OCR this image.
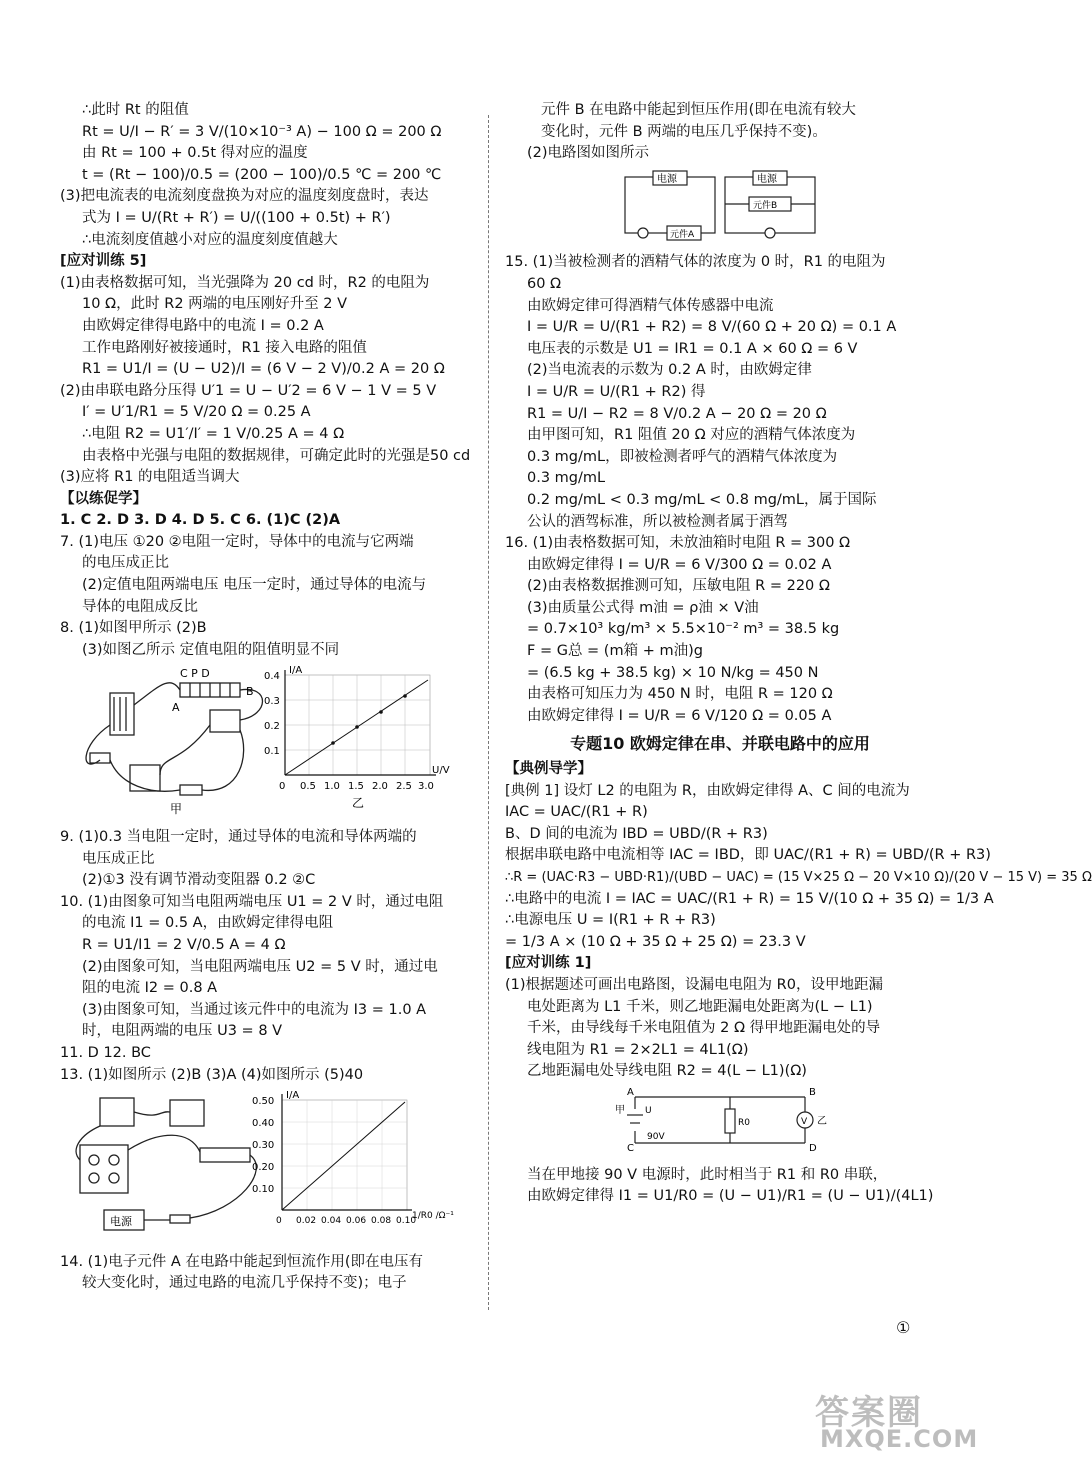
∴此时 Rt 的阻值
Rt = U/I − R′ = 3 V/(10×10⁻³ A) − 100 Ω = 200 Ω
由 Rt = 100 + 0.5t 得对应的温度
t = (Rt − 100)/0.5 = (200 − 100)/0.5 ℃ = 200 ℃
(3)把电流表的电流刻度盘换为对应的温度刻度盘时，表达
式为 I = U/(Rt + R′) = U/((100 + 0.5t) + R′)
∴电流刻度值越小对应的温度刻度值越大
[应对训练 5]
(1)由表格数据可知，当光强降为 20 cd 时，R2 的电阻为
10 Ω，此时 R2 两端的电压刚好升至 2 V
由欧姆定律得电路中的电流 I = 0.2 A
工作电路刚好被接通时，R1 接入电路的阻值
R1 = U1/I = (U − U2)/I = (6 V − 2 V)/0.2 A = 20 Ω
(2)由串联电路分压得 U′1 = U − U′2 = 6 V − 1 V = 5 V
I′ = U′1/R1 = 5 V/20 Ω = 0.25 A
∴电阻 R2 = U1′/I′ = 1 V/0.25 A = 4 Ω
由表格中光强与电阻的数据规律，可确定此时的光强是50 cd
(3)应将 R1 的电阻适当调大
【以练促学】
1. C 2. D 3. D 4. D 5. C 6. (1)C (2)A
7. (1)电压 ①20 ②电阻一定时，导体中的电流与它两端
的电压成正比
(2)定值电阻两端电压 电压一定时，通过导体的电流与
导体的电阻成反比
8. (1)如图甲所示 (2)B
(3)如图乙所示 定值电阻的阻值明显不同
C P D
A
B
甲
I/A
U/V
0.4
0.3
0.2
0.1
0 0.5 1.0 1.5 2.0 2.5 3.0
乙
9. (1)0.3 当电阻一定时，通过导体的电流和导体两端的
电压成正比
(2)①3 没有调节滑动变阻器 0.2 ②C
10. (1)由图象可知当电阻两端电压 U1 = 2 V 时，通过电阻
的电流 I1 = 0.5 A，由欧姆定律得电阻
R = U1/I1 = 2 V/0.5 A = 4 Ω
(2)由图象可知，当电阻两端电压 U2 = 5 V 时，通过电
阻的电流 I2 = 0.8 A
(3)由图象可知，当通过该元件中的电流为 I3 = 1.0 A
时，电阻两端的电压 U3 = 8 V
11. D 12. BC
13. (1)如图所示 (2)B (3)A (4)如图所示 (5)40
电源
I/A
0.50
0.40
0.30
0.20
0.10
0 0.02 0.04 0.06 0.08 0.10
1/R0 /Ω⁻¹
14. (1)电子元件 A 在电路中能起到恒流作用(即在电压有
较大变化时，通过电路的电流几乎保持不变)；电子
元件 B 在电路中能起到恒压作用(即在电流有较大
变化时，元件 B 两端的电压几乎保持不变)。
(2)电路图如图所示
电源
元件A
电源
元件B
15. (1)当被检测者的酒精气体的浓度为 0 时，R1 的电阻为
60 Ω
由欧姆定律可得酒精气体传感器中电流
I = U/R = U/(R1 + R2) = 8 V/(60 Ω + 20 Ω) = 0.1 A
电压表的示数是 U1 = IR1 = 0.1 A × 60 Ω = 6 V
(2)当电流表的示数为 0.2 A 时，由欧姆定律
I = U/R = U/(R1 + R2) 得
R1 = U/I − R2 = 8 V/0.2 A − 20 Ω = 20 Ω
由甲图可知，R1 阻值 20 Ω 对应的酒精气体浓度为
0.3 mg/mL，即被检测者呼气的酒精气体浓度为
0.3 mg/mL
0.2 mg/mL < 0.3 mg/mL < 0.8 mg/mL，属于国际
公认的酒驾标准，所以被检测者属于酒驾
16. (1)由表格数据可知，未放油箱时电阻 R = 300 Ω
由欧姆定律得 I = U/R = 6 V/300 Ω = 0.02 A
(2)由表格数据推测可知，压敏电阻 R = 220 Ω
(3)由质量公式得 m油 = ρ油 × V油
= 0.7×10³ kg/m³ × 5.5×10⁻² m³ = 38.5 kg
F = G总 = (m箱 + m油)g
= (6.5 kg + 38.5 kg) × 10 N/kg = 450 N
由表格可知压力为 450 N 时，电阻 R = 120 Ω
由欧姆定律得 I = U/R = 6 V/120 Ω = 0.05 A
专题10 欧姆定律在串、并联电路中的应用
【典例导学】
[典例 1] 设灯 L2 的电阻为 R，由欧姆定律得 A、C 间的电流为
IAC = UAC/(R1 + R)
B、D 间的电流为 IBD = UBD/(R + R3)
根据串联电路中电流相等 IAC = IBD，即 UAC/(R1 + R) = UBD/(R + R3)
∴R = (UAC·R3 − UBD·R1)/(UBD − UAC) = (15 V×25 Ω − 20 V×10 Ω)/(20 V − 15 V) = 35 Ω
∴电路中的电流 I = IAC = UAC/(R1 + R) = 15 V/(10 Ω + 35 Ω) = 1/3 A
∴电源电压 U = I(R1 + R + R3)
= 1/3 A × (10 Ω + 35 Ω + 25 Ω) = 23.3 V
[应对训练 1]
(1)根据题述可画出电路图，设漏电电阻为 R0，设甲地距漏
电处距离为 L1 千米，则乙地距漏电处距离为(L − L1)
千米，由导线每千米电阻值为 2 Ω 得甲地距漏电处的导
线电阻为 R1 = 2×2L1 = 4L1(Ω)
乙地距漏电处导线电阻 R2 = 4(L − L1)(Ω)
A	B
C	D
甲 U
90V
R0	V 乙
当在甲地接 90 V 电源时，此时相当于 R1 和 R0 串联，
由欧姆定律得 I1 = U1/R0 = (U − U1)/R1 = (U − U1)/(4L1)
①
答案圈
MXQE.COM
